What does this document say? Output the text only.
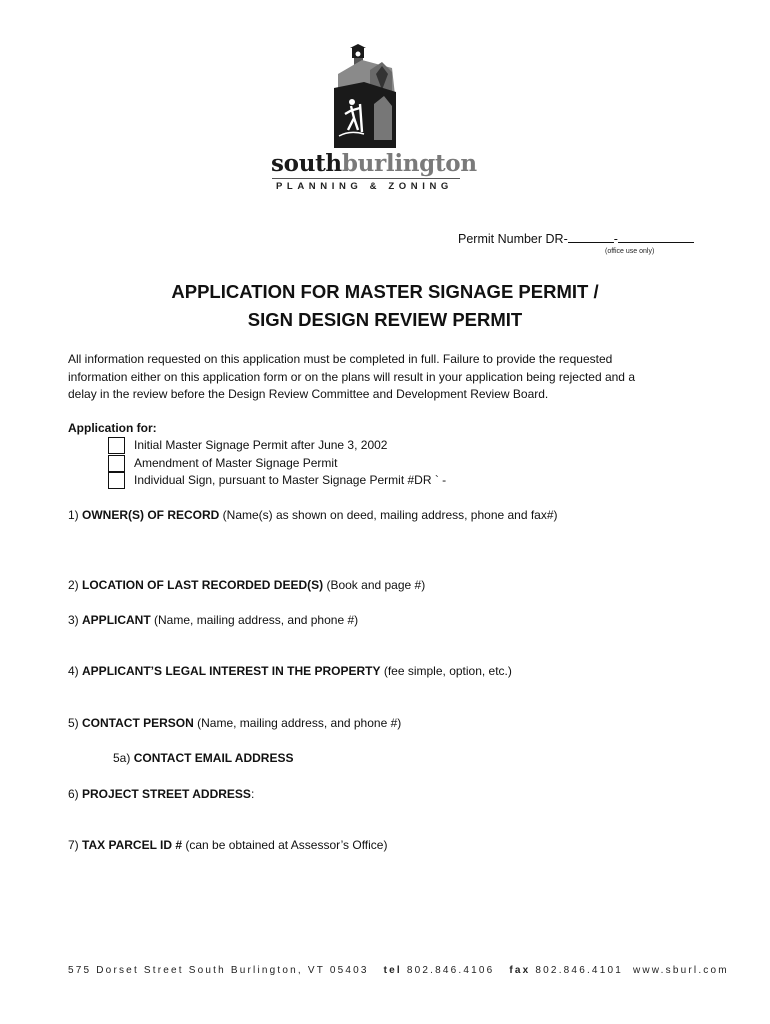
southburlington
PLANNING & ZONING
Permit Number DR-	-
(office use only)
APPLICATION FOR MASTER SIGNAGE PERMIT /
SIGN DESIGN REVIEW PERMIT
All information requested on this application must be completed in full. Failure to provide the requested
information either on this application form or on the plans will result in your application being rejected and a
delay in the review before the Design Review Committee and Development Review Board.
Application for:
Initial Master Signage Permit after June 3, 2002
Amendment of Master Signage Permit
Individual Sign, pursuant to Master Signage Permit #DR ` -
1) OWNER(S) OF RECORD (Name(s) as shown on deed, mailing address, phone and fax#)
2) LOCATION OF LAST RECORDED DEED(S) (Book and page #)
3) APPLICANT (Name, mailing address, and phone #)
4) APPLICANT’S LEGAL INTEREST IN THE PROPERTY (fee simple, option, etc.)
5) CONTACT PERSON (Name, mailing address, and phone #)
5a) CONTACT EMAIL ADDRESS
6) PROJECT STREET ADDRESS:
7) TAX PARCEL ID # (can be obtained at Assessor’s Office)
575 Dorset Street South Burlington, VT 05403 tel 802.846.4106 fax 802.846.4101 www.sburl.com
